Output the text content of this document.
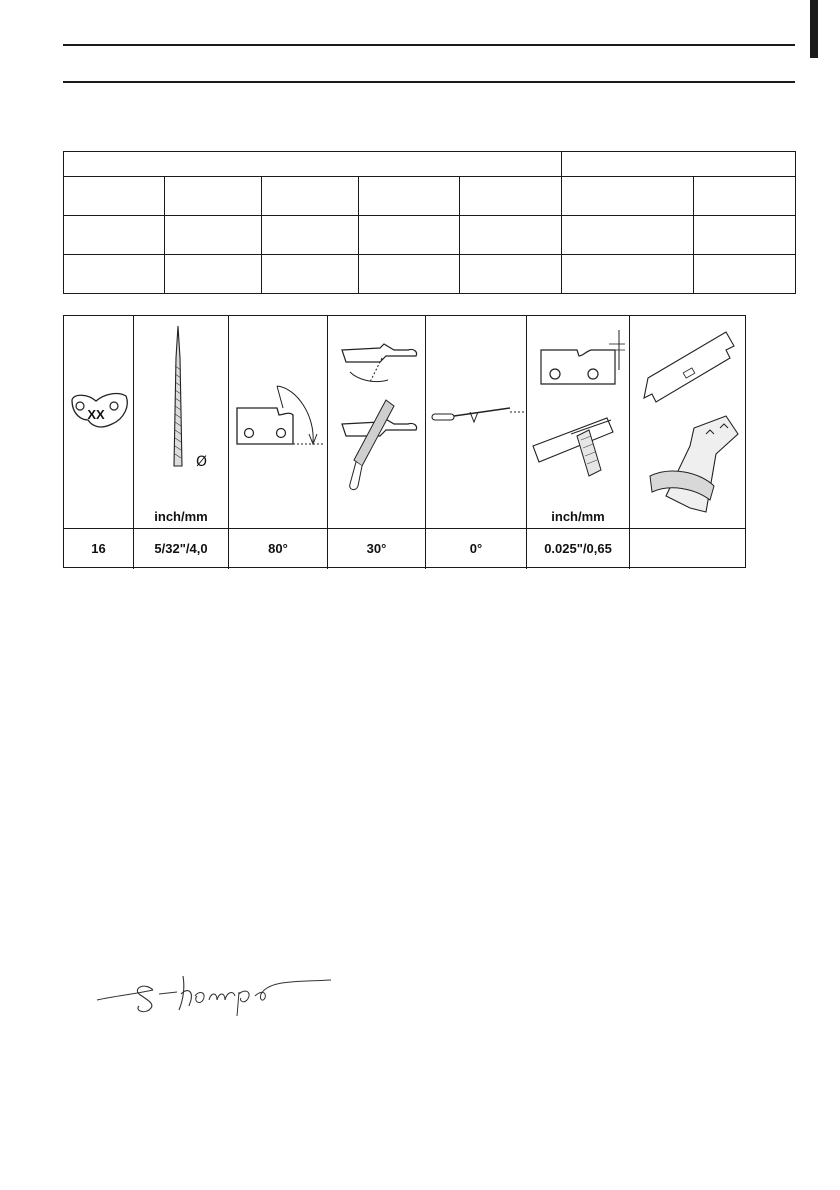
XX
Ø
inch/mm	inch/mm
16	5/32"/4,0	80°	30°	0°	0.025"/0,65
